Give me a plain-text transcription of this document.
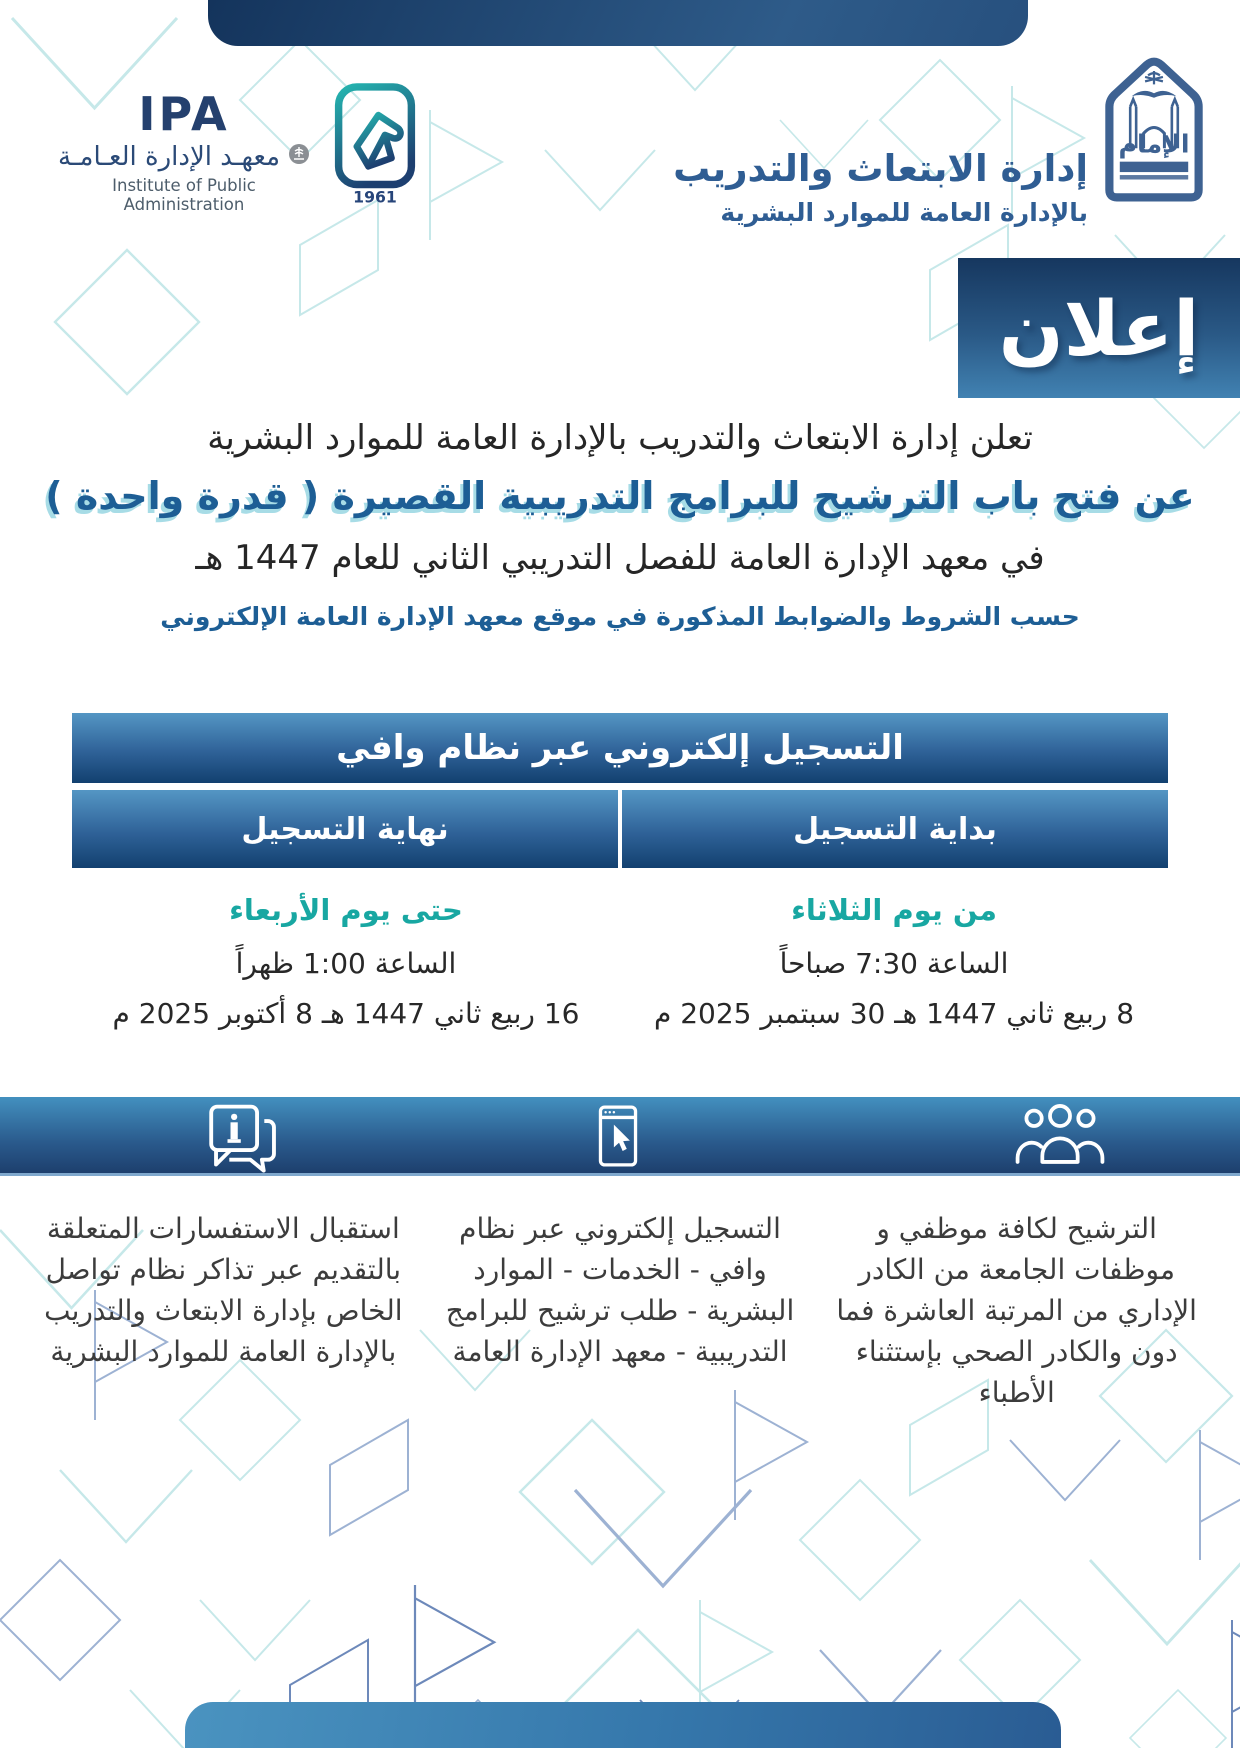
IPA
معهـد الإدارة العـامـة
Institute of Public Administration	1961
الإمام
إدارة الابتعاث والتدريب
بالإدارة العامة للموارد البشرية
إعلان
تعلن إدارة الابتعاث والتدريب بالإدارة العامة للموارد البشرية
عن فتح باب الترشيح للبرامج التدريبية القصيرة ( قدرة واحدة )
في معهد الإدارة العامة للفصل التدريبي الثاني للعام 1447 هـ
حسب الشروط والضوابط المذكورة في موقع معهد الإدارة العامة الإلكتروني
التسجيل إلكتروني عبر نظام وافي
بداية التسجيل
نهاية التسجيل
من يوم الثلاثاء
الساعة 7:30 صباحاً
8 ربيع ثاني 1447 هـ 30 سبتمبر 2025 م
حتى يوم الأربعاء
الساعة 1:00 ظهراً
16 ربيع ثاني 1447 هـ 8 أكتوبر 2025 م
الترشيح لكافة موظفي و موظفات الجامعة من الكادر الإداري من المرتبة العاشرة فما دون والكادر الصحي بإستثناء الأطباء
التسجيل إلكتروني عبر نظام وافي - الخدمات - الموارد البشرية - طلب ترشيح للبرامج التدريبية - معهد الإدارة العامة
استقبال الاستفسارات المتعلقة بالتقديم عبر تذاكر نظام تواصل الخاص بإدارة الابتعاث والتدريب بالإدارة العامة للموارد البشرية
